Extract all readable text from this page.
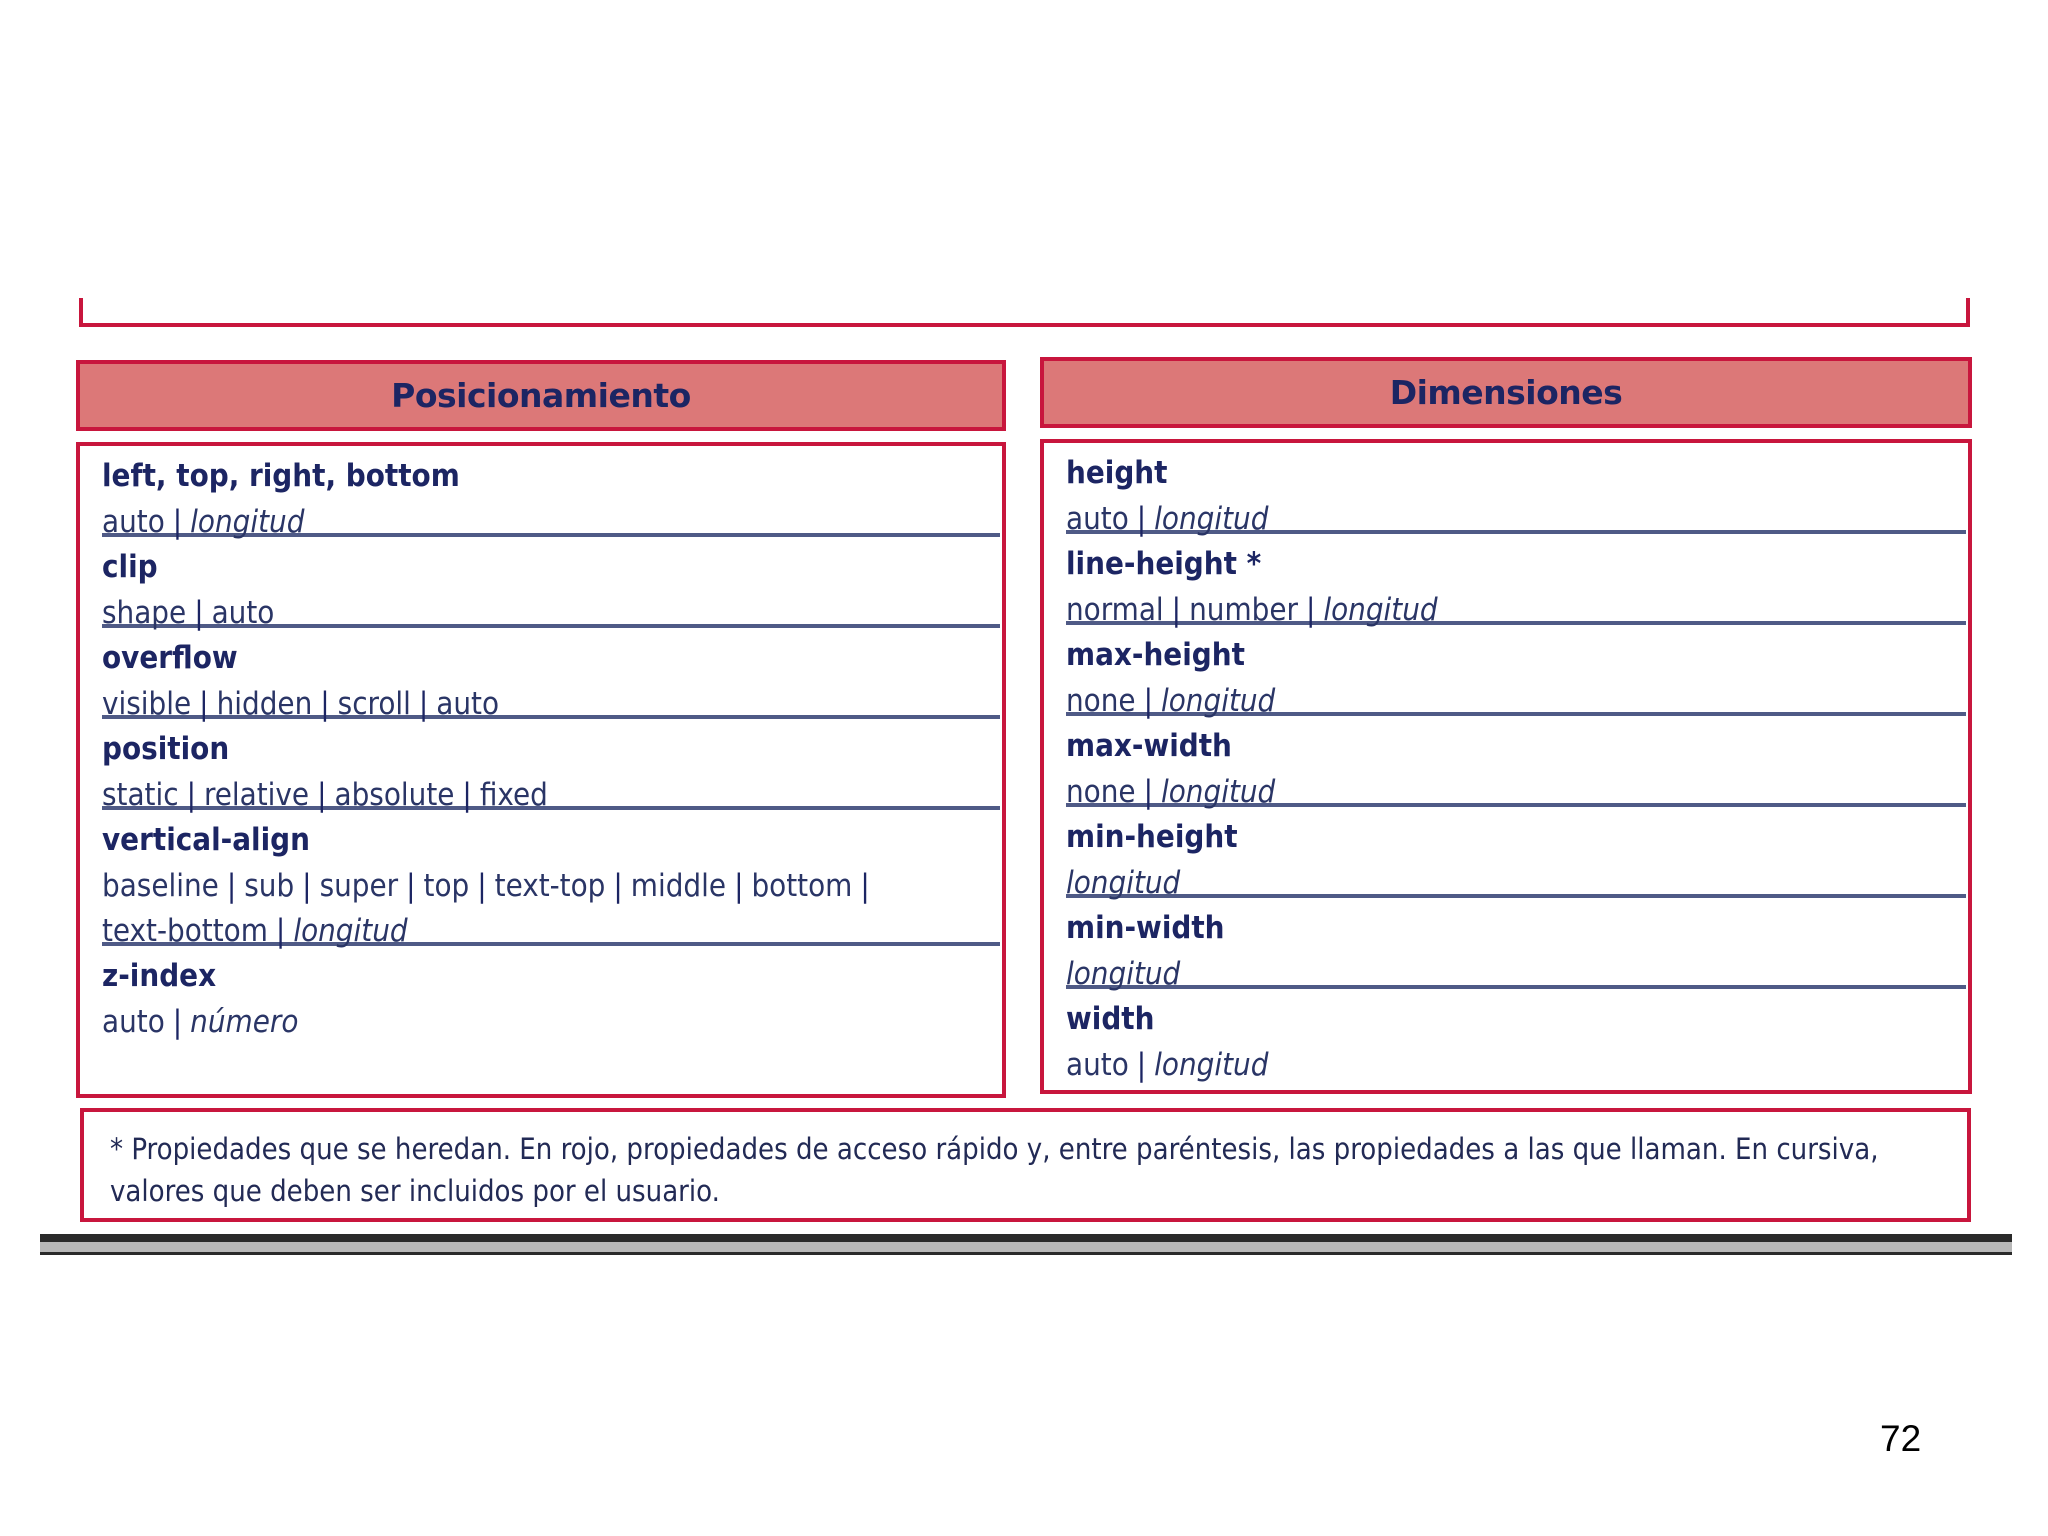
Posicionamiento
left, top, right, bottom
auto | longitud
clip
shape | auto
overflow
visible | hidden | scroll | auto
position
static | relative | absolute | fixed
vertical-align
baseline | sub | super | top | text-top | middle | bottom |
text-bottom | longitud
z-index
auto | número
Dimensiones
height
auto | longitud
line-height *
normal | number | longitud
max-height
none | longitud
max-width
none | longitud
min-height
longitud
min-width
longitud
width
auto | longitud
* Propiedades que se heredan. En rojo, propiedades de acceso rápido y, entre paréntesis, las propiedades a las que llaman. En cursiva, valores que deben ser incluidos por el usuario.
72
